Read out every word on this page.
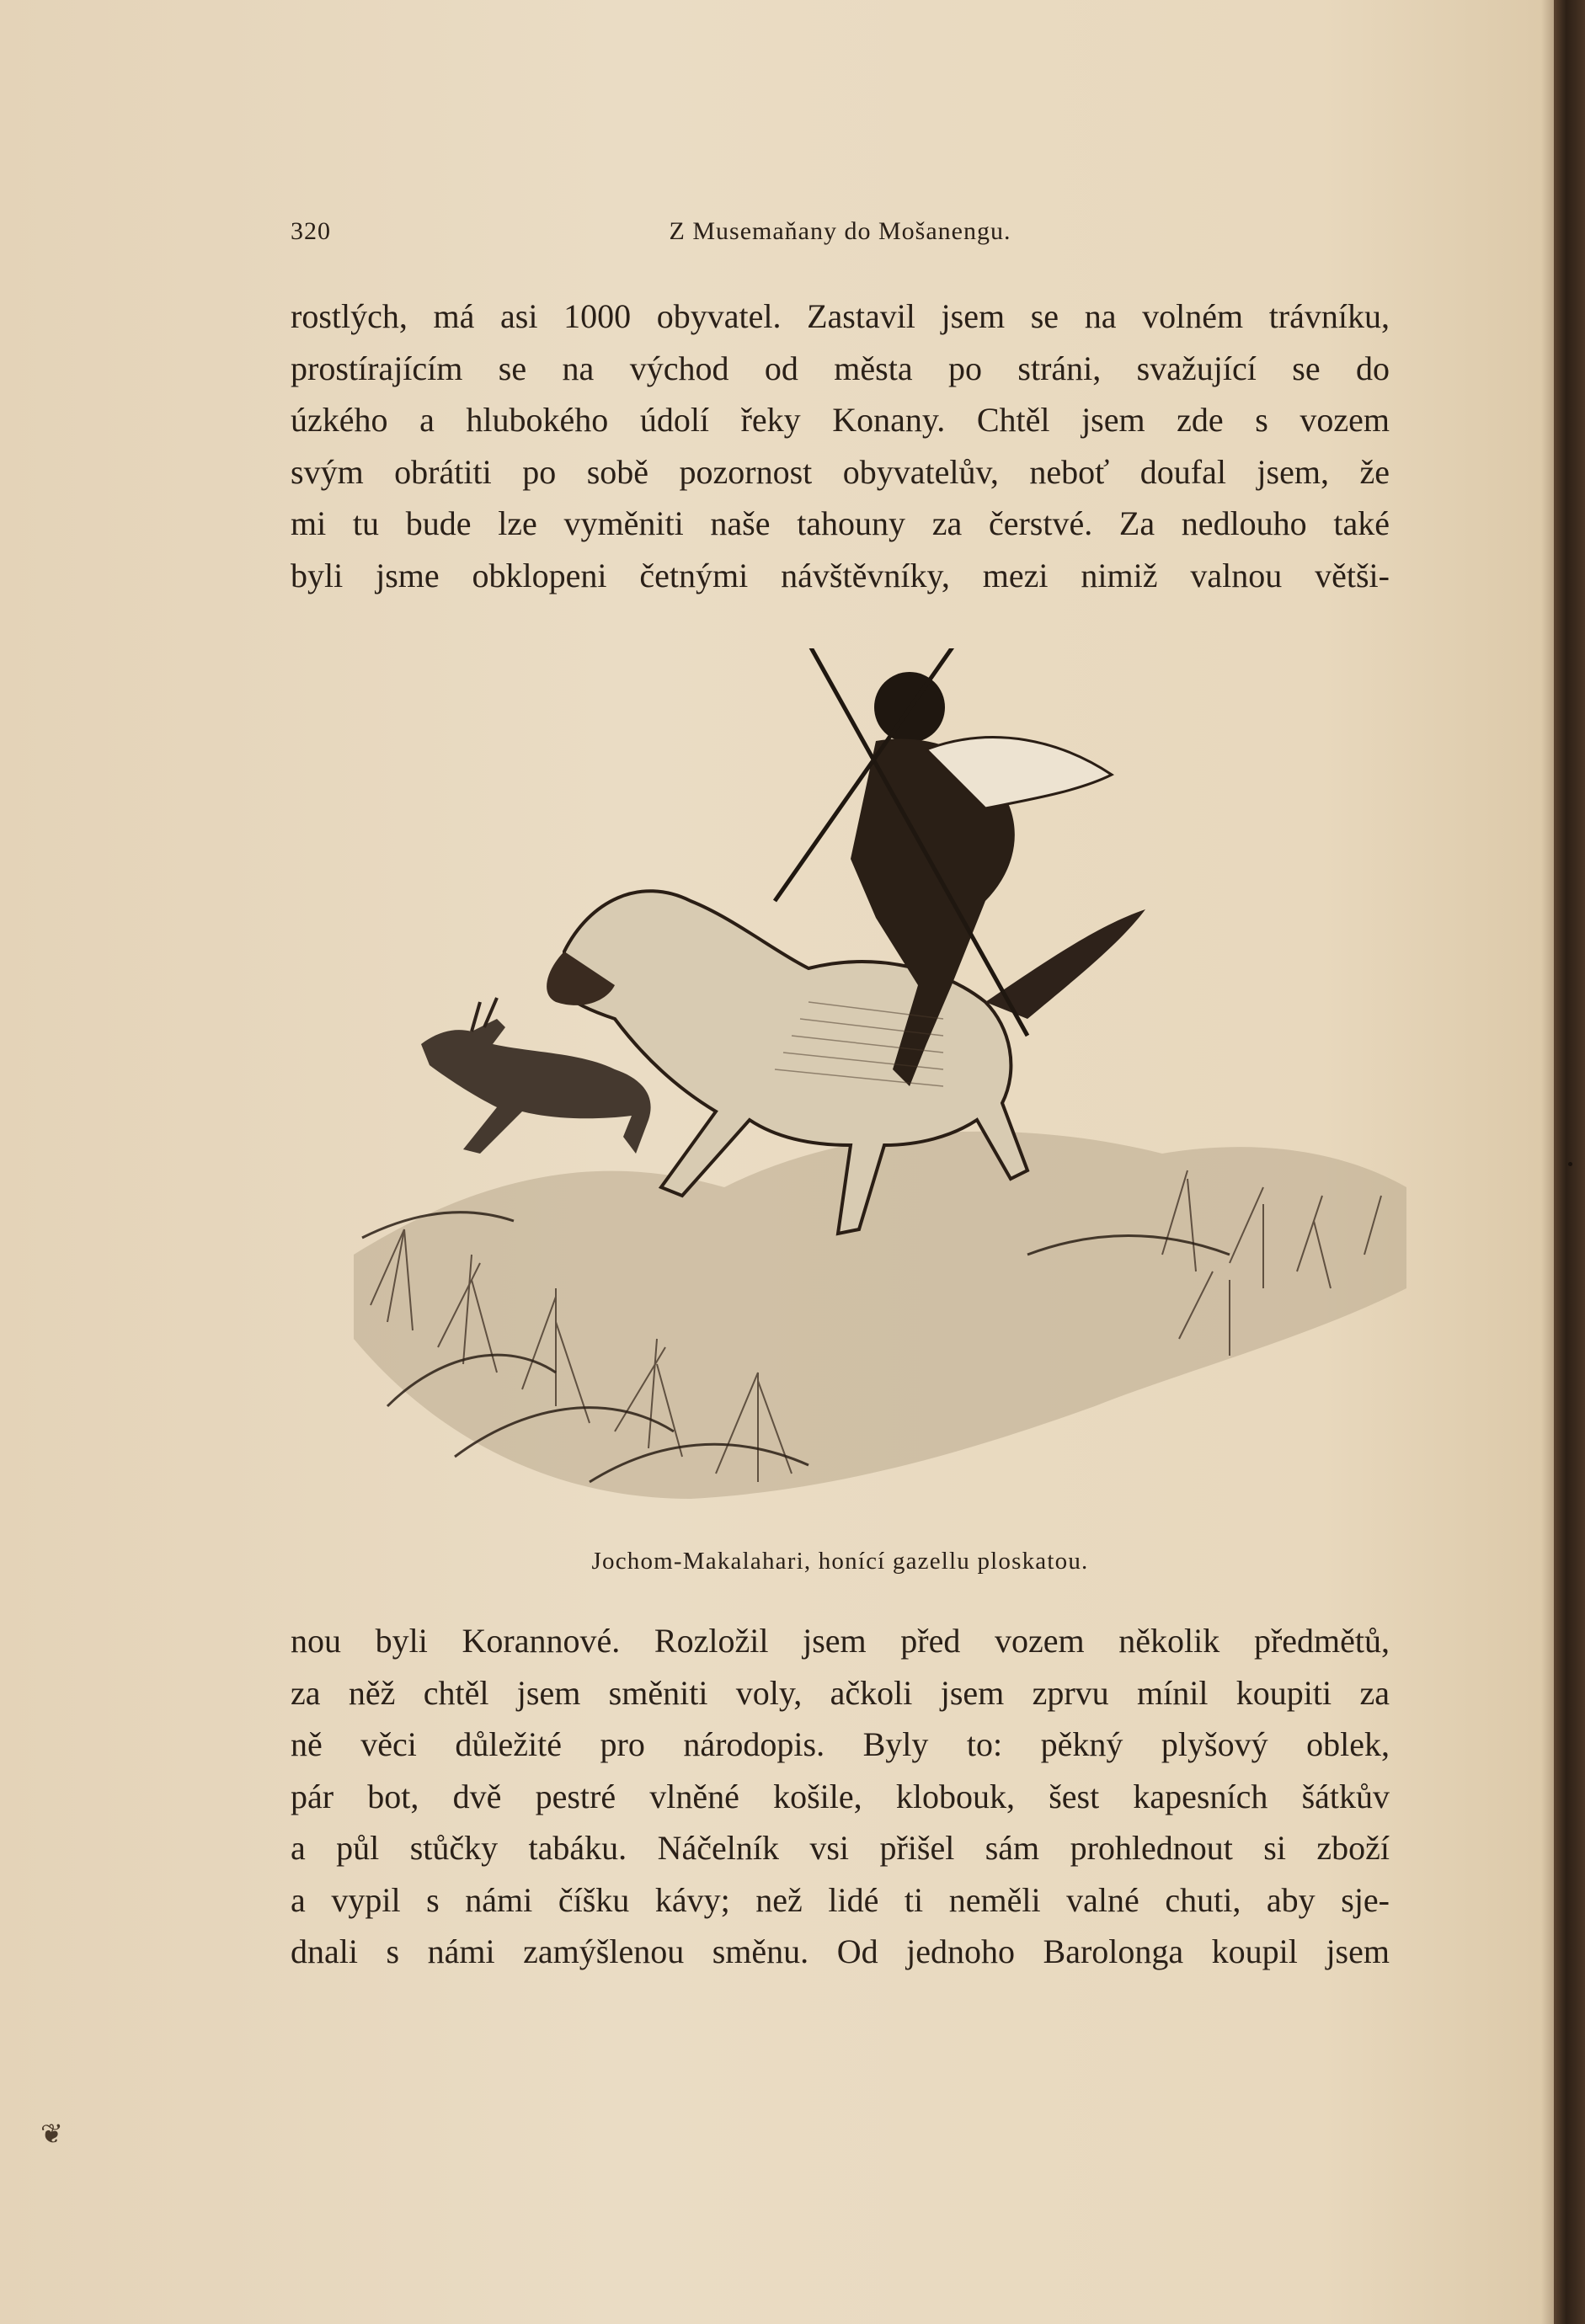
320	Z Musemaňany do Mošanengu.
rostlých, má asi 1000 obyvatel. Zastavil jsem se na volném trávníku,
prostírajícím se na východ od města po stráni, svažující se do
úzkého a hlubokého údolí řeky Konany. Chtěl jsem zde s vozem
svým obrátiti po sobě pozornost obyvatelův, neboť doufal jsem, že
mi tu bude lze vyměniti naše tahouny za čerstvé. Za nedlouho také
byli jsme obklopeni četnými návštěvníky, mezi nimiž valnou větši-
Jochom-Makalahari, honící gazellu ploskatou.
nou byli Korannové. Rozložil jsem před vozem několik předmětů,
za něž chtěl jsem směniti voly, ačkoli jsem zprvu mínil koupiti za
ně věci důležité pro národopis. Byly to: pěkný plyšový oblek,
pár bot, dvě pestré vlněné košile, klobouk, šest kapesních šátkův
a půl stůčky tabáku. Náčelník vsi přišel sám prohlednout si zboží
a vypil s námi číšku kávy; než lidé ti neměli valné chuti, aby sje-
dnali s námi zamýšlenou směnu. Od jednoho Barolonga koupil jsem
❦
